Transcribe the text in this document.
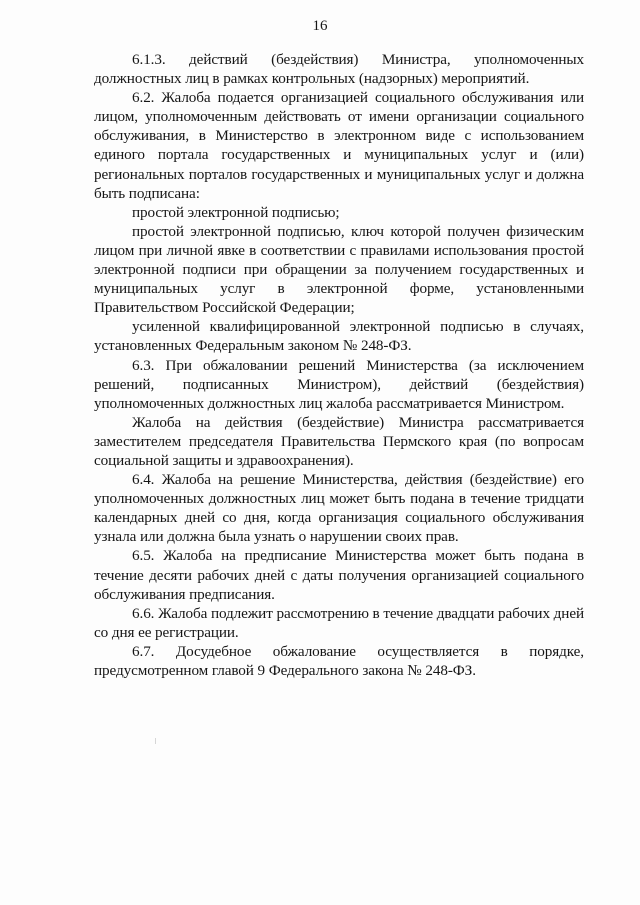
16

6.1.3. действий (бездействия) Министра, уполномоченных должностных лиц в рамках контрольных (надзорных) мероприятий.

6.2. Жалоба подается организацией социального обслуживания или лицом, уполномоченным действовать от имени организации социального обслуживания, в Министерство в электронном виде с использованием единого портала государственных и муниципальных услуг и (или) региональных порталов государственных и муниципальных услуг и должна быть подписана:

простой электронной подписью;

простой электронной подписью, ключ которой получен физическим лицом при личной явке в соответствии с правилами использования простой электронной подписи при обращении за получением государственных и муниципальных услуг в электронной форме, установленными Правительством Российской Федерации;

усиленной квалифицированной электронной подписью в случаях, установленных Федеральным законом № 248-ФЗ.

6.3. При обжаловании решений Министерства (за исключением решений, подписанных Министром), действий (бездействия) уполномоченных должностных лиц жалоба рассматривается Министром.

Жалоба на действия (бездействие) Министра рассматривается заместителем председателя Правительства Пермского края (по вопросам социальной защиты и здравоохранения).

6.4. Жалоба на решение Министерства, действия (бездействие) его уполномоченных должностных лиц может быть подана в течение тридцати календарных дней со дня, когда организация социального обслуживания узнала или должна была узнать о нарушении своих прав.

6.5. Жалоба на предписание Министерства может быть подана в течение десяти рабочих дней с даты получения организацией социального обслуживания предписания.

6.6. Жалоба подлежит рассмотрению в течение двадцати рабочих дней со дня ее регистрации.

6.7. Досудебное обжалование осуществляется в порядке, предусмотренном главой 9 Федерального закона № 248-ФЗ.
